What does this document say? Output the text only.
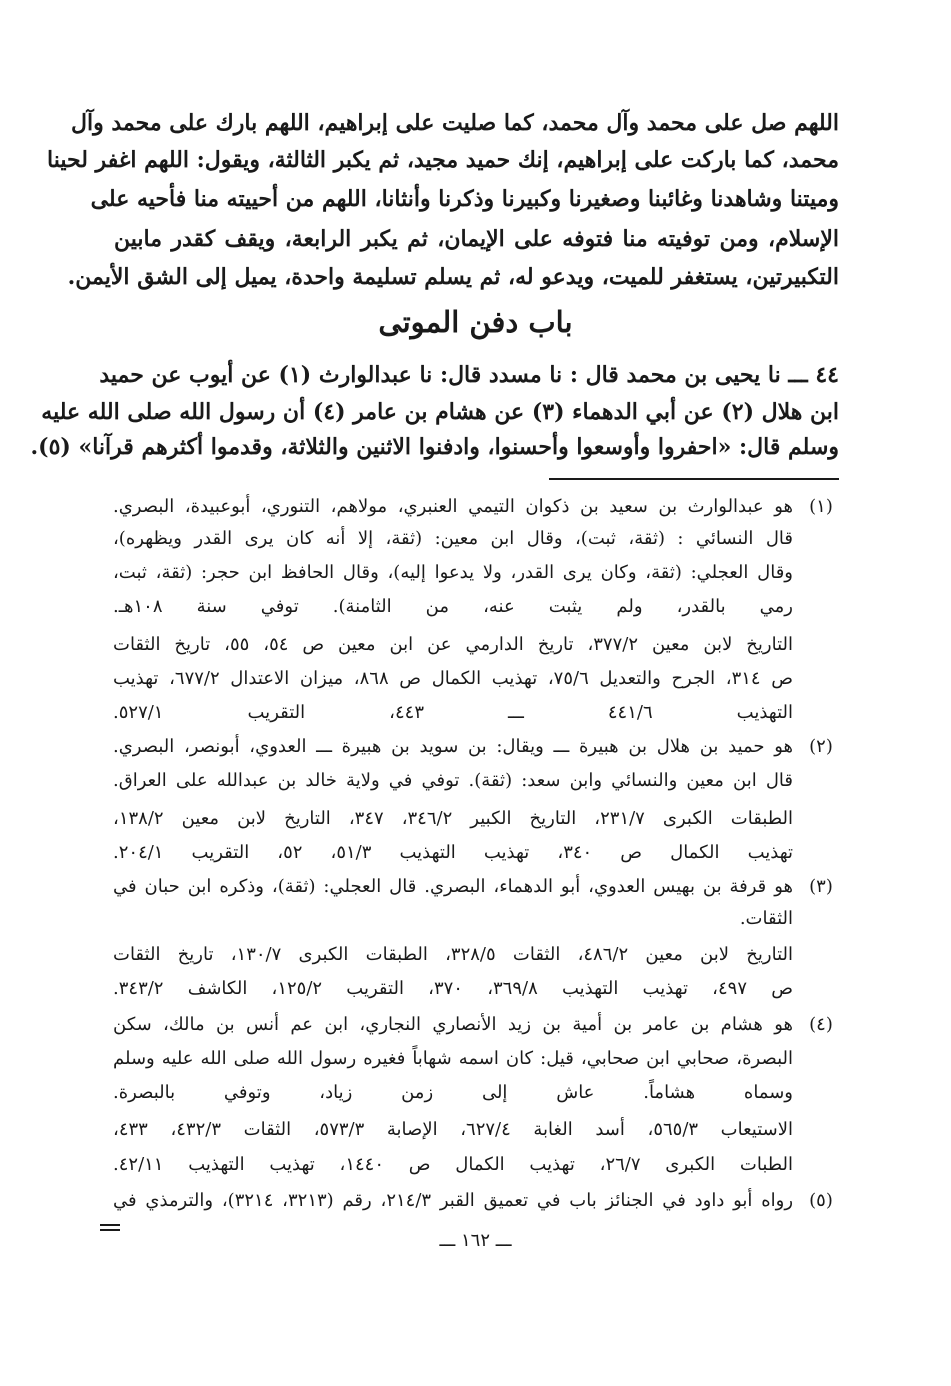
اللهم صل على محمد وآل محمد، كما صليت على إبراهيم، اللهم بارك على محمد وآل

محمد، كما باركت على إبراهيم، إنك حميد مجيد، ثم يكبر الثالثة، ويقول: اللهم اغفر لحينا

وميتنا وشاهدنا وغائبنا وصغيرنا وكبيرنا وذكرنا وأنثانا، اللهم من أحييته منا فأحيه على

الإسلام، ومن توفيته منا فتوفه على الإيمان، ثم يكبر الرابعة، ويقف كقدر مابين

التكبيرتين، يستغفر للميت، ويدعو له، ثم يسلم تسليمة واحدة، يميل إلى الشق الأيمن.

باب دفن الموتى

٤٤ ـــ نا يحيى بن محمد قال : نا مسدد قال: نا عبدالوارث (١) عن أيوب عن حميد

ابن هلال (٢) عن أبي الدهماء (٣) عن هشام بن عامر (٤) أن رسول الله صلى الله عليه

وسلم قال: «احفروا وأوسعوا وأحسنوا، وادفنوا الاثنين والثلاثة، وقدموا أكثرهم قرآنا» (٥).

(١)

هو عبدالوارث بن سعيد بن ذكوان التيمي العنبري، مولاهم، التنوري، أبوعبيدة، البصري.

قال النسائي : (ثقة، ثبت)، وقال ابن معين: (ثقة، إلا أنه كان يرى القدر ويظهره)،

وقال العجلي: (ثقة، وكان يرى القدر، ولا يدعوا إليه)، وقال الحافظ ابن حجر: (ثقة، ثبت،

رمي بالقدر، ولم يثبت عنه، من الثامنة). توفي سنة ١٠٨هـ.

التاريخ لابن معين ٣٧٧/٢، تاريخ الدارمي عن ابن معين ص ٥٤، ٥٥، تاريخ الثقات

ص ٣١٤، الجرح والتعديل ٧٥/٦، تهذيب الكمال ص ٨٦٨، ميزان الاعتدال ٦٧٧/٢، تهذيب

التهذيب ٤٤١/٦ ـــ ٤٤٣، التقريب ٥٢٧/١.

(٢)

هو حميد بن هلال بن هبيرة ـــ ويقال: بن سويد بن هبيرة ـــ العدوي، أبونصر، البصري.

قال ابن معين والنسائي وابن سعد: (ثقة). توفي في ولاية خالد بن عبدالله على العراق.

الطبقات الكبرى ٢٣١/٧، التاريخ الكبير ٣٤٦/٢، ٣٤٧، التاريخ لابن معين ١٣٨/٢،

تهذيب الكمال ص ٣٤٠، تهذيب التهذيب ٥١/٣، ٥٢، التقريب ٢٠٤/١.

(٣)

هو قرفة بن بهيس العدوي، أبو الدهماء، البصري. قال العجلي: (ثقة)، وذكره ابن حبان في

الثقات.

التاريخ لابن معين ٤٨٦/٢، الثقات ٣٢٨/٥، الطبقات الكبرى ١٣٠/٧، تاريخ الثقات

ص ٤٩٧، تهذيب التهذيب ٣٦٩/٨، ٣٧٠، التقريب ١٢٥/٢، الكاشف ٣٤٣/٢.

(٤)

هو هشام بن عامر بن أمية بن زيد الأنصاري النجاري، ابن عم أنس بن مالك، سكن

البصرة، صحابي ابن صحابي، قيل: كان اسمه شهاباً فغيره رسول الله صلى الله عليه وسلم

وسماه هشاماً. عاش إلى زمن زياد، وتوفي بالبصرة.

الاستيعاب ٥٦٥/٣، أسد الغابة ٦٢٧/٤، الإصابة ٥٧٣/٣، الثقات ٤٣٢/٣، ٤٣٣،

الطبات الكبرى ٢٦/٧، تهذيب الكمال ص ١٤٤٠، تهذيب التهذيب ٤٢/١١.

(٥)

رواه أبو داود في الجنائز باب في تعميق القبر ٢١٤/٣، رقم (٣٢١٣، ٣٢١٤)، والترمذي في

ـــ ١٦٢ ـــ
